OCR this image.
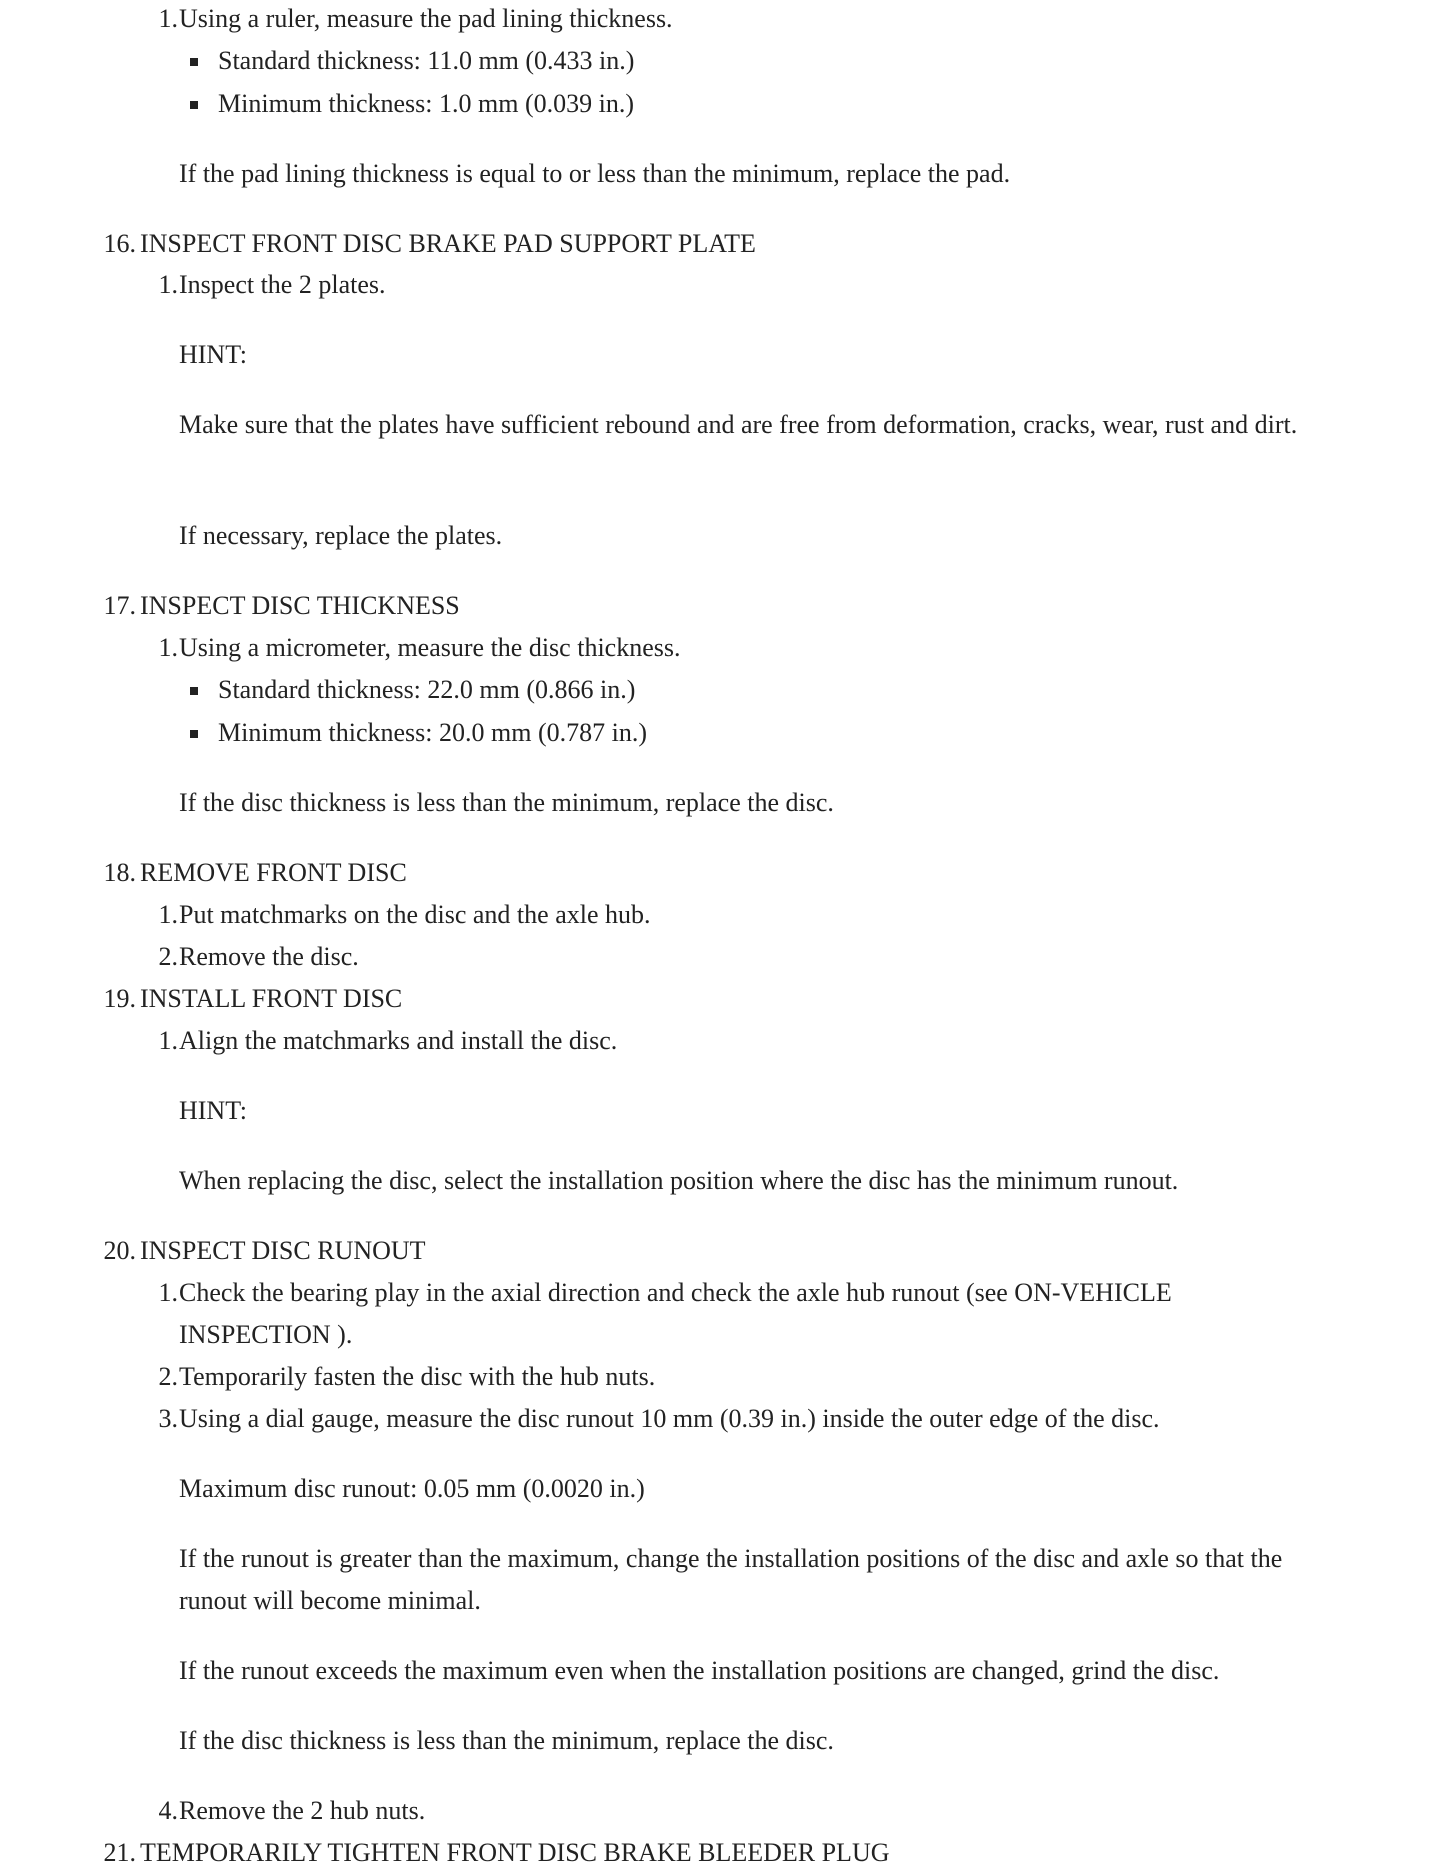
1. Using a ruler, measure the pad lining thickness.
Standard thickness: 11.0 mm (0.433 in.)
Minimum thickness: 1.0 mm (0.039 in.)
If the pad lining thickness is equal to or less than the minimum, replace the pad.
16. INSPECT FRONT DISC BRAKE PAD SUPPORT PLATE
1. Inspect the 2 plates.
HINT:
Make sure that the plates have sufficient rebound and are free from deformation, cracks, wear, rust and dirt.
If necessary, replace the plates.
17. INSPECT DISC THICKNESS
1. Using a micrometer, measure the disc thickness.
Standard thickness: 22.0 mm (0.866 in.)
Minimum thickness: 20.0 mm (0.787 in.)
If the disc thickness is less than the minimum, replace the disc.
18. REMOVE FRONT DISC
1. Put matchmarks on the disc and the axle hub.
2. Remove the disc.
19. INSTALL FRONT DISC
1. Align the matchmarks and install the disc.
HINT:
When replacing the disc, select the installation position where the disc has the minimum runout.
20. INSPECT DISC RUNOUT
1. Check the bearing play in the axial direction and check the axle hub runout (see ON-VEHICLE
INSPECTION ).
2. Temporarily fasten the disc with the hub nuts.
3. Using a dial gauge, measure the disc runout 10 mm (0.39 in.) inside the outer edge of the disc.
Maximum disc runout: 0.05 mm (0.0020 in.)
If the runout is greater than the maximum, change the installation positions of the disc and axle so that the
runout will become minimal.
If the runout exceeds the maximum even when the installation positions are changed, grind the disc.
If the disc thickness is less than the minimum, replace the disc.
4. Remove the 2 hub nuts.
21. TEMPORARILY TIGHTEN FRONT DISC BRAKE BLEEDER PLUG
